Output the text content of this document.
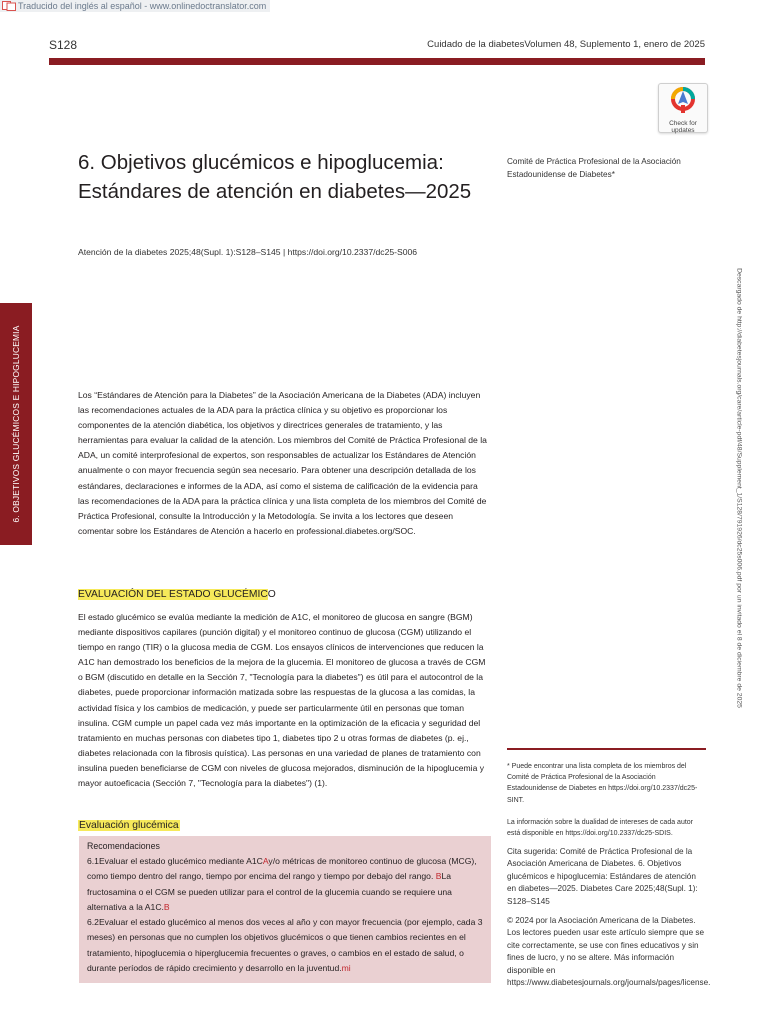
Traducido del inglés al español - www.onlinedoctranslator.com
S128	Cuidado de la diabetesVolumen 48, Suplemento 1, enero de 2025
Check for
updates
6. Objetivos glucémicos e hipoglucemia: Estándares de atención en diabetes—2025
Atención de la diabetes 2025;48(Supl. 1):S128–S145 | https://doi.org/10.2337/dc25-S006
Comité de Práctica Profesional de la Asociación Estadounidense de Diabetes*
6. OBJETIVOS GLUCÉMICOS E HIPOGLUCEMIA	Descargado de http://diabetesjournals.org/care/article-pdf/48/Supplement_1/S128/791926/dc25s006.pdf por un invitado el 8 de diciembre de 2025
Los “Estándares de Atención para la Diabetes” de la Asociación Americana de la Diabetes (ADA) incluyen las recomendaciones actuales de la ADA para la práctica clínica y su objetivo es proporcionar los componentes de la atención diabética, los objetivos y directrices generales de tratamiento, y las herramientas para evaluar la calidad de la atención. Los miembros del Comité de Práctica Profesional de la ADA, un comité interprofesional de expertos, son responsables de actualizar los Estándares de Atención anualmente o con mayor frecuencia según sea necesario. Para obtener una descripción detallada de los estándares, declaraciones e informes de la ADA, así como el sistema de calificación de la evidencia para las recomendaciones de la ADA para la práctica clínica y una lista completa de los miembros del Comité de Práctica Profesional, consulte la Introducción y la Metodología. Se invita a los lectores que deseen comentar sobre los Estándares de Atención a hacerlo en professional.diabetes.org/SOC.
EVALUACIÓN DEL ESTADO GLUCÉMICO
El estado glucémico se evalúa mediante la medición de A1C, el monitoreo de glucosa en sangre (BGM) mediante dispositivos capilares (punción digital) y el monitoreo continuo de glucosa (CGM) utilizando el tiempo en rango (TIR) o la glucosa media de CGM. Los ensayos clínicos de intervenciones que reducen la A1C han demostrado los beneficios de la mejora de la glucemia. El monitoreo de glucosa a través de CGM o BGM (discutido en detalle en la Sección 7, "Tecnología para la diabetes") es útil para el autocontrol de la diabetes, puede proporcionar información matizada sobre las respuestas de la glucosa a las comidas, la actividad física y los cambios de medicación, y puede ser particularmente útil en personas que toman insulina. CGM cumple un papel cada vez más importante en la optimización de la eficacia y seguridad del tratamiento en muchas personas con diabetes tipo 1, diabetes tipo 2 u otras formas de diabetes (p. ej., diabetes relacionada con la fibrosis quística). Las personas en una variedad de planes de tratamiento con insulina pueden beneficiarse de CGM con niveles de glucosa mejorados, disminución de la hipoglucemia y mayor autoeficacia (Sección 7, "Tecnología para la diabetes") (1).
Evaluación glucémica
Recomendaciones
6.1Evaluar el estado glucémico mediante A1CAy/o métricas de monitoreo continuo de glucosa (MCG), como tiempo dentro del rango, tiempo por encima del rango y tiempo por debajo del rango. BLa fructosamina o el CGM se pueden utilizar para el control de la glucemia cuando se requiere una alternativa a la A1C.B
6.2Evaluar el estado glucémico al menos dos veces al año y con mayor frecuencia (por ejemplo, cada 3 meses) en personas que no cumplen los objetivos glucémicos o que tienen cambios recientes en el tratamiento, hipoglucemia o hiperglucemia frecuentes o graves, o cambios en el estado de salud, o durante períodos de rápido crecimiento y desarrollo en la juventud.mi
* Puede encontrar una lista completa de los miembros del Comité de Práctica Profesional de la Asociación Estadounidense de Diabetes en https://doi.org/10.2337/dc25-SINT.
La información sobre la dualidad de intereses de cada autor está disponible en https://doi.org/10.2337/dc25-SDIS.
Cita sugerida: Comité de Práctica Profesional de la Asociación Americana de Diabetes. 6. Objetivos glucémicos e hipoglucemia: Estándares de atención en diabetes—2025. Diabetes Care 2025;48(Supl. 1): S128–S145
© 2024 por la Asociación Americana de la Diabetes. Los lectores pueden usar este artículo siempre que se cite correctamente, se use con fines educativos y sin fines de lucro, y no se altere. Más información disponible en https://www.diabetesjournals.org/journals/pages/license.
